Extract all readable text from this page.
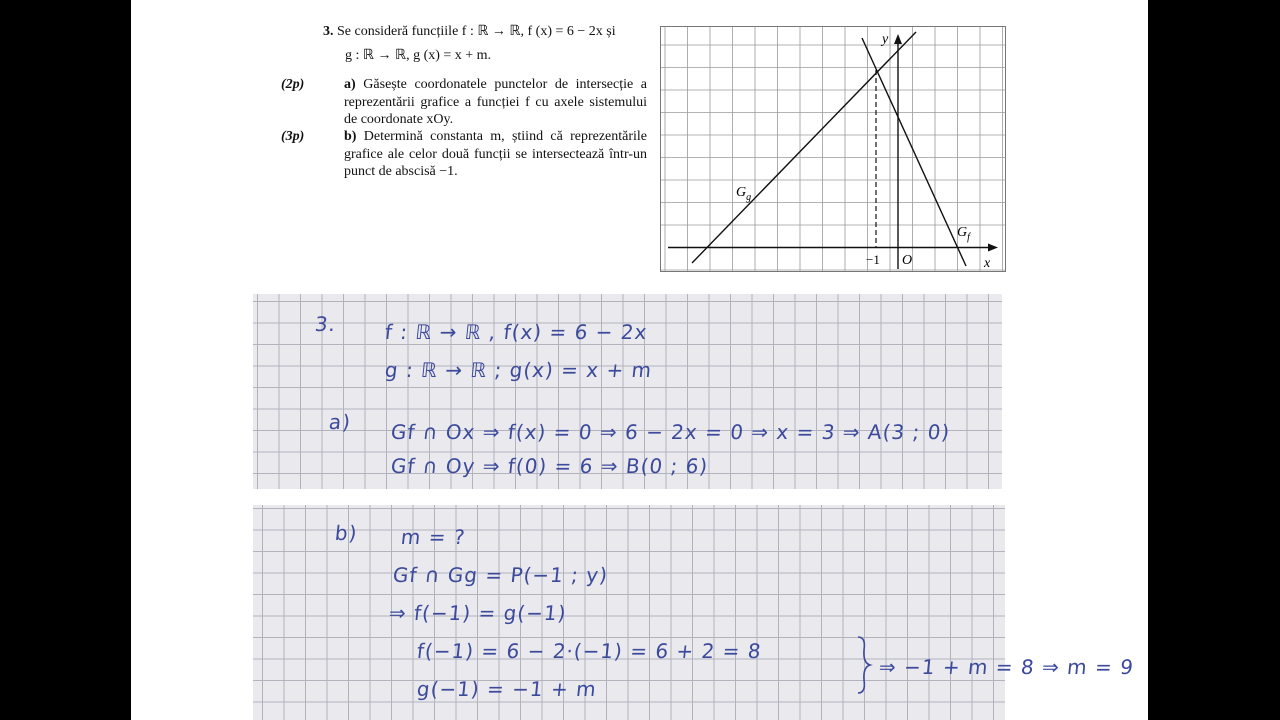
3. Se consideră funcțiile f : ℝ → ℝ, f (x) = 6 − 2x și
g : ℝ → ℝ, g (x) = x + m.
(2p)	a) Găsește coordonatele punctelor de intersecție a reprezentării grafice a funcției f cu axele sistemului de coordonate xOy.
(3p)	b) Determină constanta m, știind că reprezentările grafice ale celor două funcții se intersectează într-un punct de abscisă −1.
y
x
O
−1
$G_g$
$G_f$
3. f : ℝ → ℝ , f(x) = 6 − 2x
g : ℝ → ℝ ; g(x) = x + m
a) Gf ∩ Ox ⇒ f(x) = 0 ⇒ 6 − 2x = 0 ⇒ x = 3 ⇒ A(3 ; 0)
Gf ∩ Oy ⇒ f(0) = 6 ⇒ B(0 ; 6)
b) m = ?
Gf ∩ Gg = P(−1 ; y)
⇒ f(−1) = g(−1)
f(−1) = 6 − 2·(−1) = 6 + 2 = 8
g(−1) = −1 + m
⇒ −1 + m = 8 ⇒ m = 9
